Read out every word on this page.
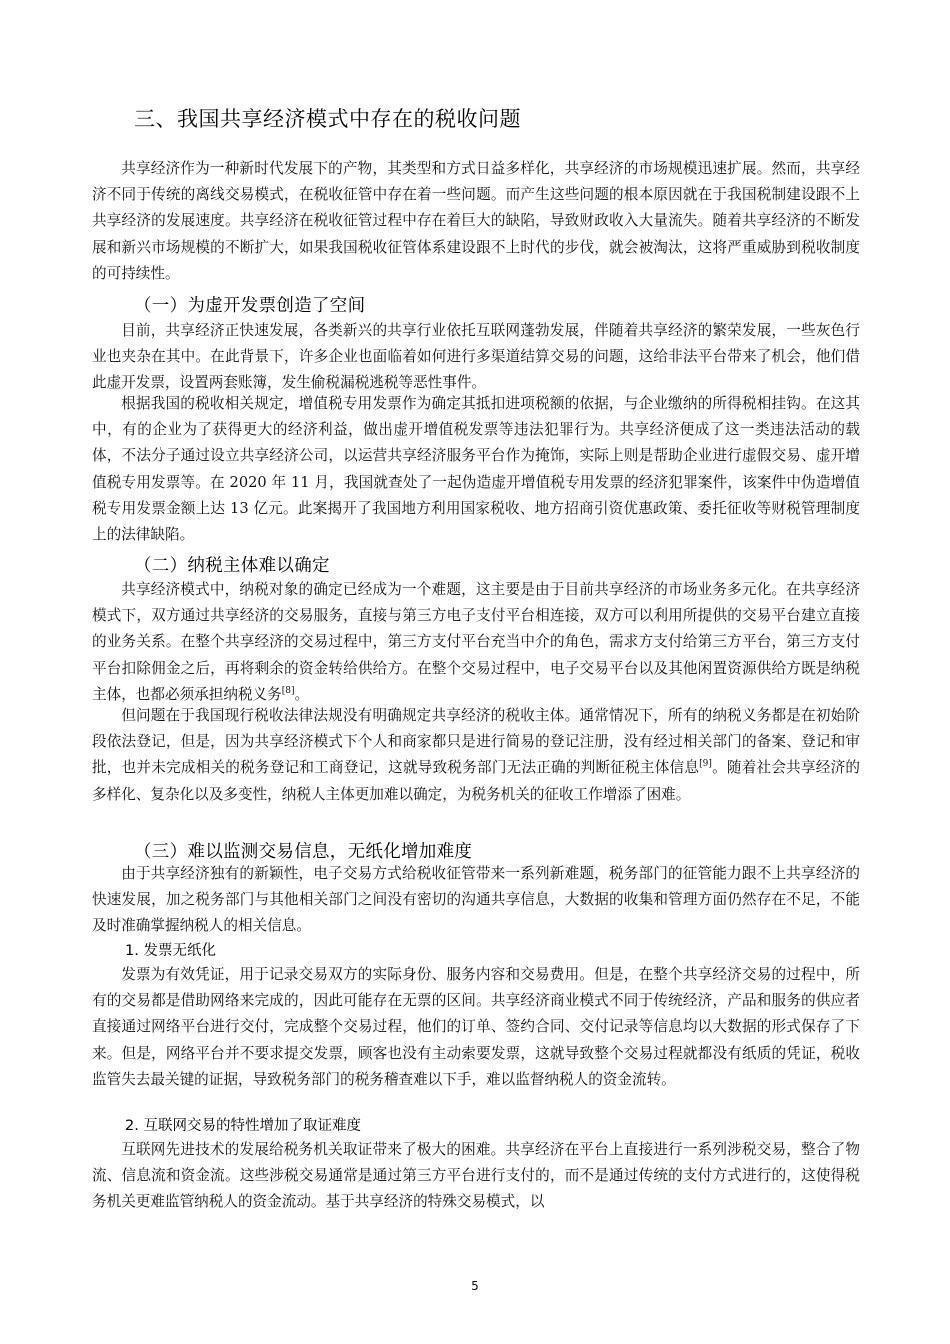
三、我国共享经济模式中存在的税收问题

共享经济作为一种新时代发展下的产物，其类型和方式日益多样化，共享经济的市场规模迅速扩展。然而，共享经济不同于传统的离线交易模式，在税收征管中存在着一些问题。而产生这些问题的根本原因就在于我国税制建设跟不上共享经济的发展速度。共享经济在税收征管过程中存在着巨大的缺陷，导致财政收入大量流失。随着共享经济的不断发展和新兴市场规模的不断扩大，如果我国税收征管体系建设跟不上时代的步伐，就会被淘汰，这将严重威胁到税收制度的可持续性。

（一）为虚开发票创造了空间

目前，共享经济正快速发展，各类新兴的共享行业依托互联网蓬勃发展，伴随着共享经济的繁荣发展，一些灰色行业也夹杂在其中。在此背景下，许多企业也面临着如何进行多渠道结算交易的问题，这给非法平台带来了机会，他们借此虚开发票，设置两套账簿，发生偷税漏税逃税等恶性事件。

根据我国的税收相关规定，增值税专用发票作为确定其抵扣进项税额的依据，与企业缴纳的所得税相挂钩。在这其中，有的企业为了获得更大的经济利益，做出虚开增值税发票等违法犯罪行为。共享经济便成了这一类违法活动的载体，不法分子通过设立共享经济公司，以运营共享经济服务平台作为掩饰，实际上则是帮助企业进行虚假交易、虚开增值税专用发票等。在 2020 年 11 月，我国就查处了一起伪造虚开增值税专用发票的经济犯罪案件，该案件中伪造增值税专用发票金额上达 13 亿元。此案揭开了我国地方利用国家税收、地方招商引资优惠政策、委托征收等财税管理制度上的法律缺陷。

（二）纳税主体难以确定

共享经济模式中，纳税对象的确定已经成为一个难题，这主要是由于目前共享经济的市场业务多元化。在共享经济模式下，双方通过共享经济的交易服务，直接与第三方电子支付平台相连接，双方可以利用所提供的交易平台建立直接的业务关系。在整个共享经济的交易过程中，第三方支付平台充当中介的角色，需求方支付给第三方平台，第三方支付平台扣除佣金之后，再将剩余的资金转给供给方。在整个交易过程中，电子交易平台以及其他闲置资源供给方既是纳税主体，也都必须承担纳税义务[8]。

但问题在于我国现行税收法律法规没有明确规定共享经济的税收主体。通常情况下，所有的纳税义务都是在初始阶段依法登记，但是，因为共享经济模式下个人和商家都只是进行简易的登记注册，没有经过相关部门的备案、登记和审批，也并未完成相关的税务登记和工商登记，这就导致税务部门无法正确的判断征税主体信息[9]。随着社会共享经济的多样化、复杂化以及多变性，纳税人主体更加难以确定，为税务机关的征收工作增添了困难。

（三）难以监测交易信息，无纸化增加难度

由于共享经济独有的新颖性，电子交易方式给税收征管带来一系列新难题，税务部门的征管能力跟不上共享经济的快速发展，加之税务部门与其他相关部门之间没有密切的沟通共享信息，大数据的收集和管理方面仍然存在不足，不能及时准确掌握纳税人的相关信息。

1. 发票无纸化

发票为有效凭证，用于记录交易双方的实际身份、服务内容和交易费用。但是，在整个共享经济交易的过程中，所有的交易都是借助网络来完成的，因此可能存在无票的区间。共享经济商业模式不同于传统经济，产品和服务的供应者直接通过网络平台进行交付，完成整个交易过程，他们的订单、签约合同、交付记录等信息均以大数据的形式保存了下来。但是，网络平台并不要求提交发票，顾客也没有主动索要发票，这就导致整个交易过程就都没有纸质的凭证，税收监管失去最关键的证据，导致税务部门的税务稽查难以下手，难以监督纳税人的资金流转。

2. 互联网交易的特性增加了取证难度

互联网先进技术的发展给税务机关取证带来了极大的困难。共享经济在平台上直接进行一系列涉税交易，整合了物流、信息流和资金流。这些涉税交易通常是通过第三方平台进行支付的，而不是通过传统的支付方式进行的，这使得税务机关更难监管纳税人的资金流动。基于共享经济的特殊交易模式，以

5
